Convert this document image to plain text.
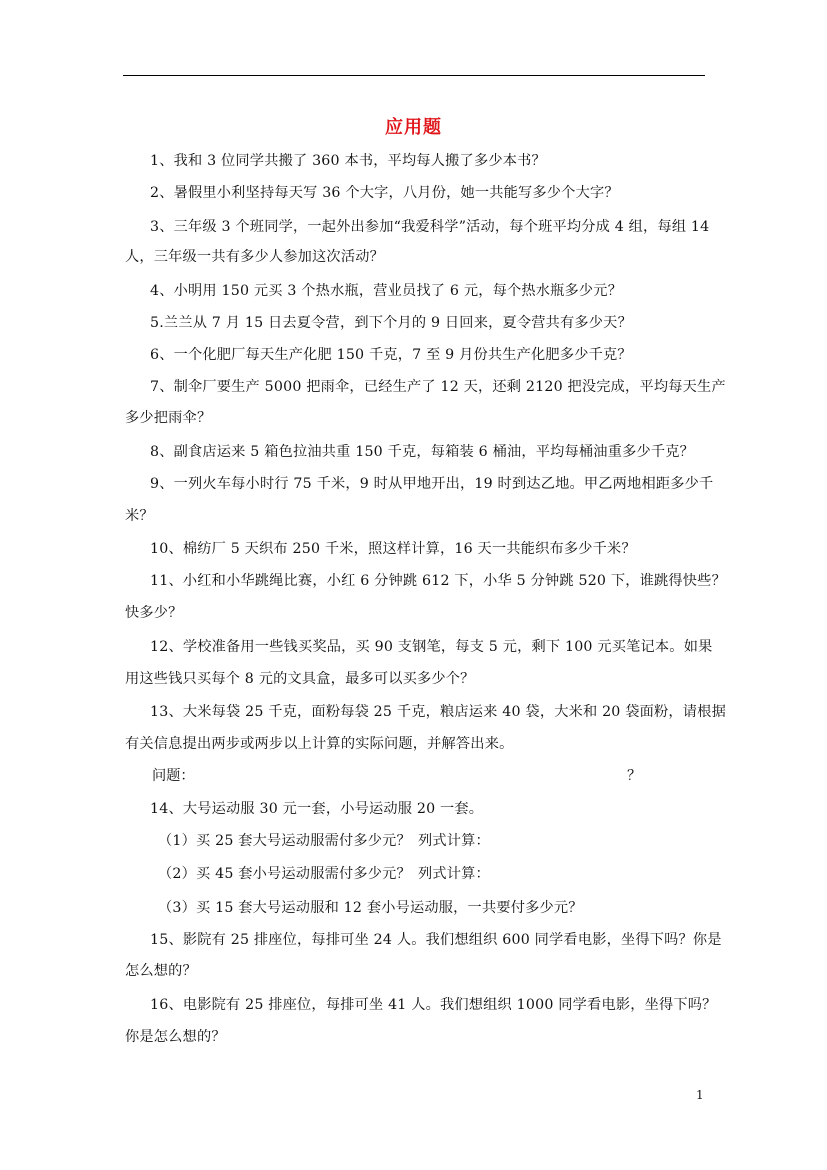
应用题
1、我和 3 位同学共搬了 360 本书，平均每人搬了多少本书？
2、暑假里小利坚持每天写 36 个大字，八月份，她一共能写多少个大字？
3、三年级 3 个班同学，一起外出参加“我爱科学”活动，每个班平均分成 4 组，每组 14
人，三年级一共有多少人参加这次活动？
4、小明用 150 元买 3 个热水瓶，营业员找了 6 元，每个热水瓶多少元？
5.兰兰从 7 月 15 日去夏令营，到下个月的 9 日回来，夏令营共有多少天？
6、一个化肥厂每天生产化肥 150 千克，7 至 9 月份共生产化肥多少千克？
7、制伞厂要生产 5000 把雨伞，已经生产了 12 天，还剩 2120 把没完成，平均每天生产
多少把雨伞？
8、副食店运来 5 箱色拉油共重 150 千克，每箱装 6 桶油，平均每桶油重多少千克？
9、一列火车每小时行 75 千米，9 时从甲地开出，19 时到达乙地。甲乙两地相距多少千
米？
10、棉纺厂 5 天织布 250 千米，照这样计算，16 天一共能织布多少千米？
11、小红和小华跳绳比赛，小红 6 分钟跳 612 下，小华 5 分钟跳 520 下，谁跳得快些？
快多少？
12、学校准备用一些钱买奖品，买 90 支钢笔，每支 5 元，剩下 100 元买笔记本。如果
用这些钱只买每个 8 元的文具盒，最多可以买多少个？
13、大米每袋 25 千克，面粉每袋 25 千克，粮店运来 40 袋，大米和 20 袋面粉，请根据
有关信息提出两步或两步以上计算的实际问题，并解答出来。
问题：	？
14、大号运动服 30 元一套，小号运动服 20 一套。
（1）买 25 套大号运动服需付多少元？ 列式计算：
（2）买 45 套小号运动服需付多少元？ 列式计算：
（3）买 15 套大号运动服和 12 套小号运动服，一共要付多少元？
15、影院有 25 排座位，每排可坐 24 人。我们想组织 600 同学看电影，坐得下吗？你是
怎么想的？
16、电影院有 25 排座位，每排可坐 41 人。我们想组织 1000 同学看电影，坐得下吗？
你是怎么想的？
1
